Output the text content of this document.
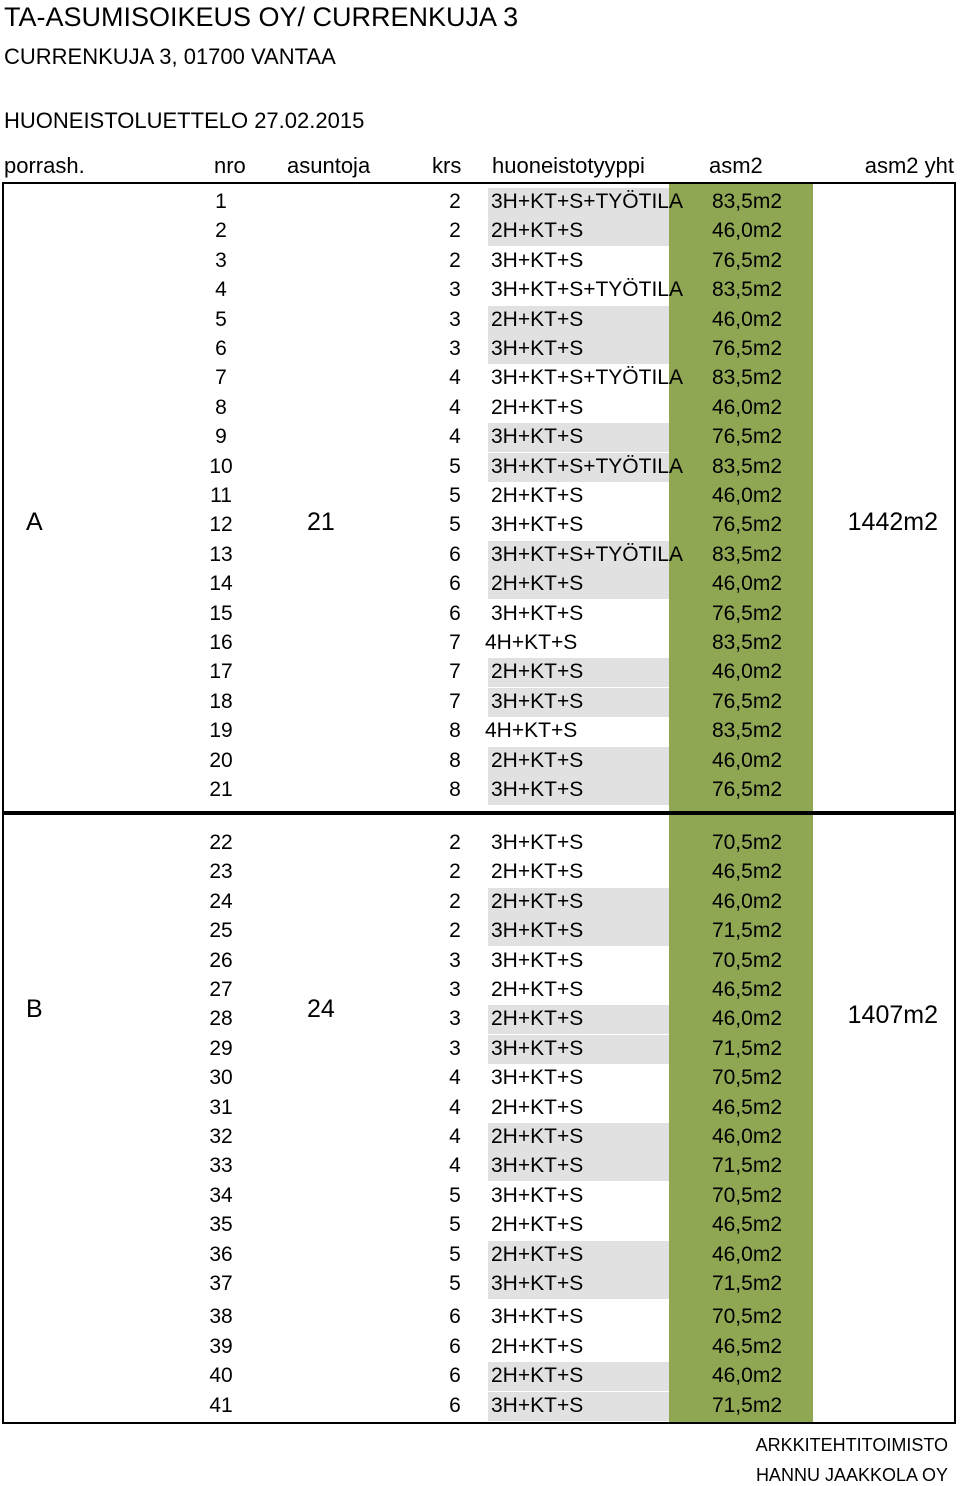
TA-ASUMISOIKEUS OY/ CURRENKUJA 3
CURRENKUJA 3, 01700 VANTAA
HUONEISTOLUETTELO 27.02.2015
porrash.	nro asuntoja	krs huoneistotyyppi	asm2	asm2 yht
A	21	1442m2
1	2	3H+KT+S+TYÖTILA 83,5m2
2	2	2H+KT+S	46,0m2
3	2	3H+KT+S	76,5m2
4	3	3H+KT+S+TYÖTILA 83,5m2
5	3	2H+KT+S	46,0m2
6	3	3H+KT+S	76,5m2
7	4	3H+KT+S+TYÖTILA 83,5m2
8	4	2H+KT+S	46,0m2
9	4	3H+KT+S	76,5m2
10	5	3H+KT+S+TYÖTILA 83,5m2
11	5	2H+KT+S	46,0m2
12	5	3H+KT+S	76,5m2
13	6	3H+KT+S+TYÖTILA 83,5m2
14	6	2H+KT+S	46,0m2
15	6	3H+KT+S	76,5m2
16	7	4H+KT+S	83,5m2
17	7	2H+KT+S	46,0m2
18	7	3H+KT+S	76,5m2
19	8	4H+KT+S	83,5m2
20	8	2H+KT+S	46,0m2
21	8	3H+KT+S	76,5m2
B	24	1407m2
22	2	3H+KT+S	70,5m2
23	2	2H+KT+S	46,5m2
24	2	2H+KT+S	46,0m2
25	2	3H+KT+S	71,5m2
26	3	3H+KT+S	70,5m2
27	3	2H+KT+S	46,5m2
28	3	2H+KT+S	46,0m2
29	3	3H+KT+S	71,5m2
30	4	3H+KT+S	70,5m2
31	4	2H+KT+S	46,5m2
32	4	2H+KT+S	46,0m2
33	4	3H+KT+S	71,5m2
34	5	3H+KT+S	70,5m2
35	5	2H+KT+S	46,5m2
36	5	2H+KT+S	46,0m2
37	5	3H+KT+S	71,5m2
38	6	3H+KT+S	70,5m2
39	6	2H+KT+S	46,5m2
40	6	2H+KT+S	46,0m2
41	6	3H+KT+S	71,5m2
ARKKITEHTITOIMISTO
HANNU JAAKKOLA OY
